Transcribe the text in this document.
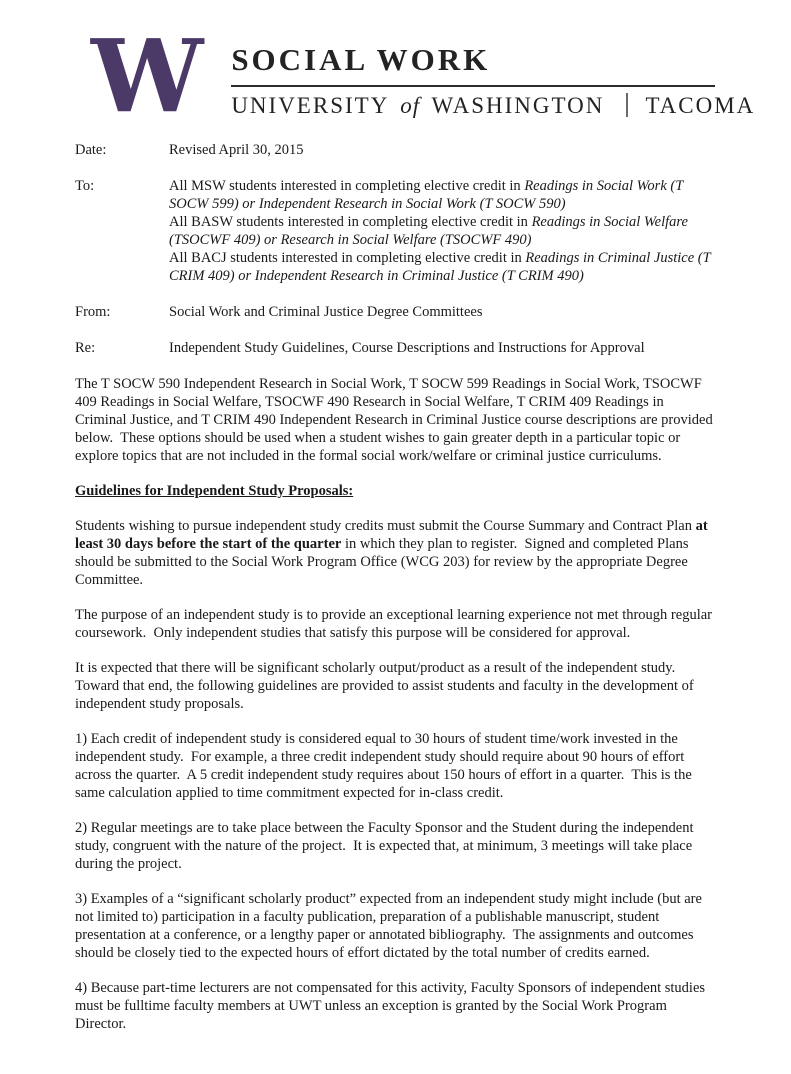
W SOCIAL WORK
UNIVERSITY of WASHINGTON TACOMA
Date:	Revised April 30, 2015
To:	All MSW students interested in completing elective credit in Readings in Social Work (T SOCW 599) or Independent Research in Social Work (T SOCW 590)
All BASW students interested in completing elective credit in Readings in Social Welfare (TSOCWF 409) or Research in Social Welfare (TSOCWF 490)
All BACJ students interested in completing elective credit in Readings in Criminal Justice (T CRIM 409) or Independent Research in Criminal Justice (T CRIM 490)
From:	Social Work and Criminal Justice Degree Committees
Re:	Independent Study Guidelines, Course Descriptions and Instructions for Approval

The T SOCW 590 Independent Research in Social Work, T SOCW 599 Readings in Social Work, TSOCWF 409 Readings in Social Welfare, TSOCWF 490 Research in Social Welfare, T CRIM 409 Readings in Criminal Justice, and T CRIM 490 Independent Research in Criminal Justice course descriptions are provided below.  These options should be used when a student wishes to gain greater depth in a particular topic or explore topics that are not included in the formal social work/welfare or criminal justice curriculums.

Guidelines for Independent Study Proposals:

Students wishing to pursue independent study credits must submit the Course Summary and Contract Plan at least 30 days before the start of the quarter in which they plan to register.  Signed and completed Plans should be submitted to the Social Work Program Office (WCG 203) for review by the appropriate Degree Committee.

The purpose of an independent study is to provide an exceptional learning experience not met through regular coursework.  Only independent studies that satisfy this purpose will be considered for approval.

It is expected that there will be significant scholarly output/product as a result of the independent study.  Toward that end, the following guidelines are provided to assist students and faculty in the development of independent study proposals.

1) Each credit of independent study is considered equal to 30 hours of student time/work invested in the independent study.  For example, a three credit independent study should require about 90 hours of effort across the quarter.  A 5 credit independent study requires about 150 hours of effort in a quarter.  This is the same calculation applied to time commitment expected for in-class credit.

2) Regular meetings are to take place between the Faculty Sponsor and the Student during the independent study, congruent with the nature of the project.  It is expected that, at minimum, 3 meetings will take place during the project.

3) Examples of a “significant scholarly product” expected from an independent study might include (but are not limited to) participation in a faculty publication, preparation of a publishable manuscript, student presentation at a conference, or a lengthy paper or annotated bibliography.  The assignments and outcomes should be closely tied to the expected hours of effort dictated by the total number of credits earned.

4) Because part-time lecturers are not compensated for this activity, Faculty Sponsors of independent studies must be fulltime faculty members at UWT unless an exception is granted by the Social Work Program Director.
